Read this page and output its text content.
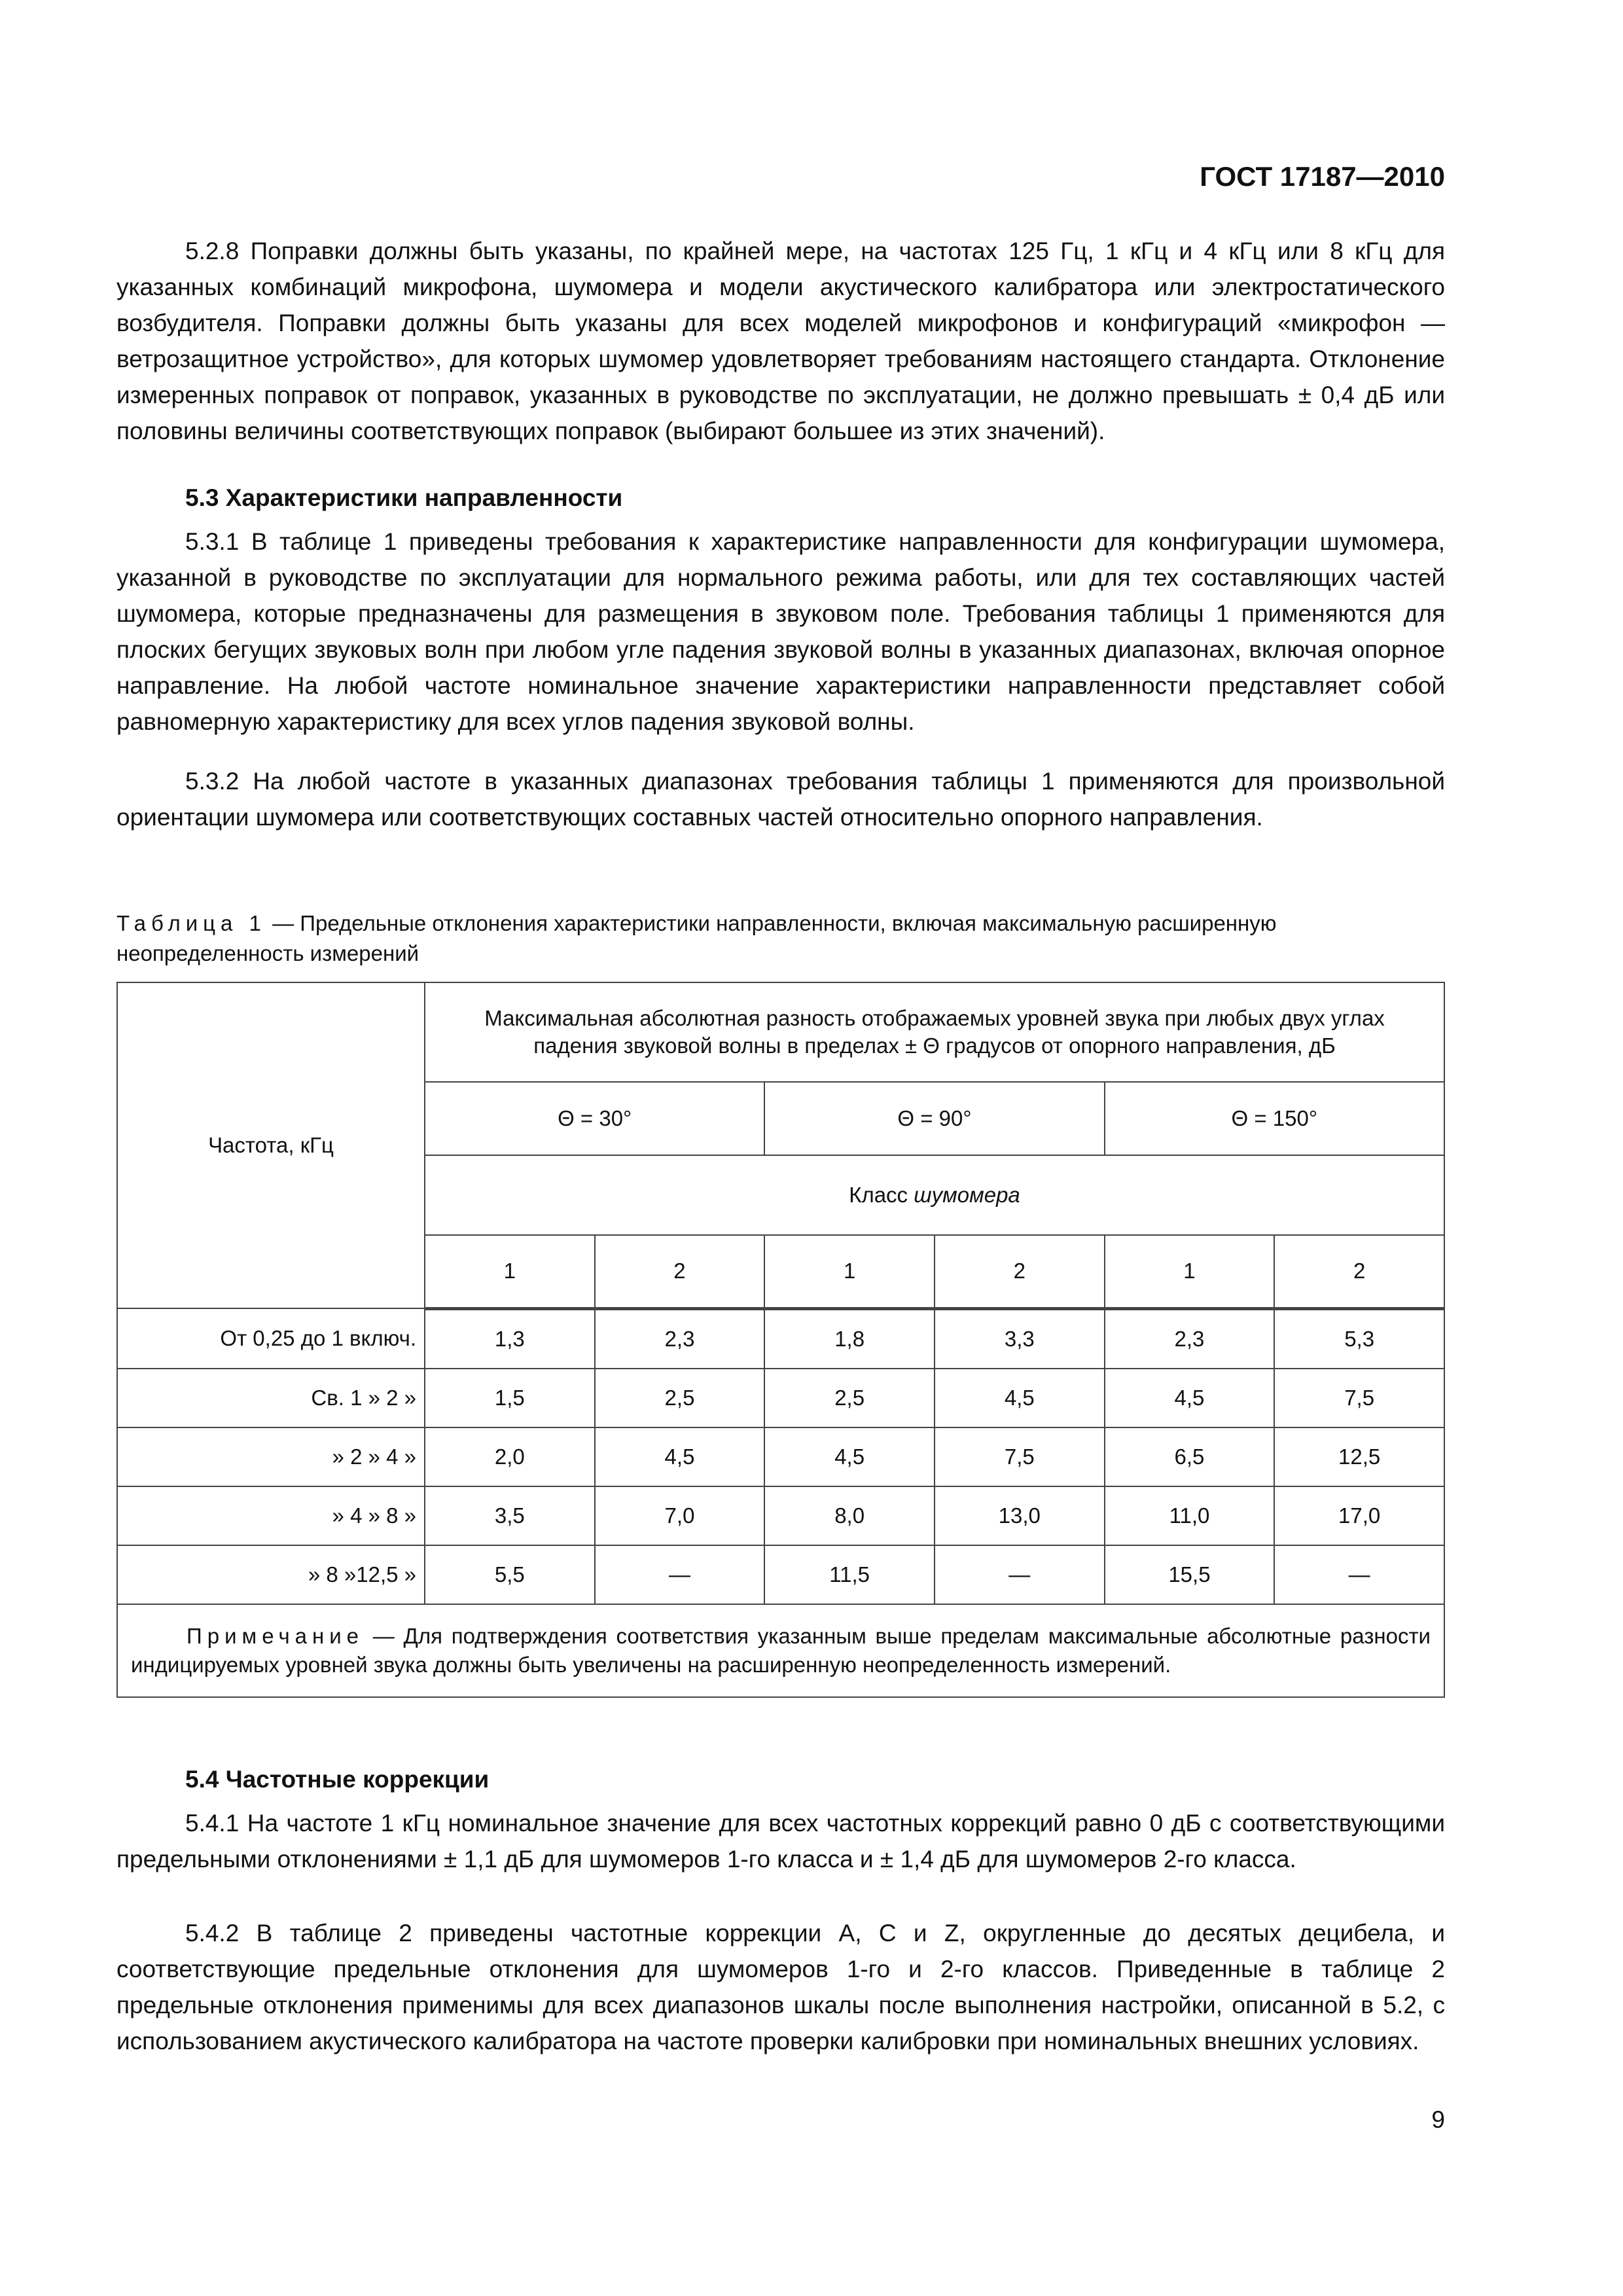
ГОСТ 17187—2010

5.2.8 Поправки должны быть указаны, по крайней мере, на частотах 125 Гц, 1 кГц и 4 кГц или 8 кГц для указанных комбинаций микрофона, шумомера и модели акустического калибратора или электростатического возбудителя. Поправки должны быть указаны для всех моделей микрофонов и конфигураций «микрофон — ветрозащитное устройство», для которых шумомер удовлетворяет требованиям настоящего стандарта. Отклонение измеренных поправок от поправок, указанных в руководстве по эксплуатации, не должно превышать ± 0,4 дБ или половины величины соответствующих поправок (выбирают большее из этих значений).

5.3 Характеристики направленности

5.3.1 В таблице 1 приведены требования к характеристике направленности для конфигурации шумомера, указанной в руководстве по эксплуатации для нормального режима работы, или для тех составляющих частей шумомера, которые предназначены для размещения в звуковом поле. Требования таблицы 1 применяются для плоских бегущих звуковых волн при любом угле падения звуковой волны в указанных диапазонах, включая опорное направление. На любой частоте номинальное значение характеристики направленности представляет собой равномерную характеристику для всех углов падения звуковой волны.

5.3.2 На любой частоте в указанных диапазонах требования таблицы 1 применяются для произвольной ориентации шумомера или соответствующих составных частей относительно опорного направления.

Таблица 1 — Предельные отклонения характеристики направленности, включая максимальную расширенную неопределенность измерений
Частота, кГц	Максимальная абсолютная разность отображаемых уровней звука при любых двух углах падения звуковой волны в пределах ± Θ градусов от опорного направления, дБ					
	Θ = 30°		Θ = 90°		Θ = 150°	
	Класс шумомера					
	1	2	1	2	1	2
От 0,25 до 1 включ.	1,3	2,3	1,8	3,3	2,3	5,3
Св. 1 » 2 »	1,5	2,5	2,5	4,5	4,5	7,5
» 2 » 4 »	2,0	4,5	4,5	7,5	6,5	12,5
» 4 » 8 »	3,5	7,0	8,0	13,0	11,0	17,0
» 8 »12,5 »	5,5	—	11,5	—	15,5	—

Примечание — Для подтверждения соответствия указанным выше пределам максимальные абсолютные разности индицируемых уровней звука должны быть увеличены на расширенную неопределенность измерений.						
5.4 Частотные коррекции

5.4.1 На частоте 1 кГц номинальное значение для всех частотных коррекций равно 0 дБ с соответствующими предельными отклонениями ± 1,1 дБ для шумомеров 1-го класса и ± 1,4 дБ для шумомеров 2-го класса.

5.4.2 В таблице 2 приведены частотные коррекции A, C и Z, округленные до десятых децибела, и соответствующие предельные отклонения для шумомеров 1-го и 2-го классов. Приведенные в таблице 2 предельные отклонения применимы для всех диапазонов шкалы после выполнения настройки, описанной в 5.2, с использованием акустического калибратора на частоте проверки калибровки при номинальных внешних условиях.

9
